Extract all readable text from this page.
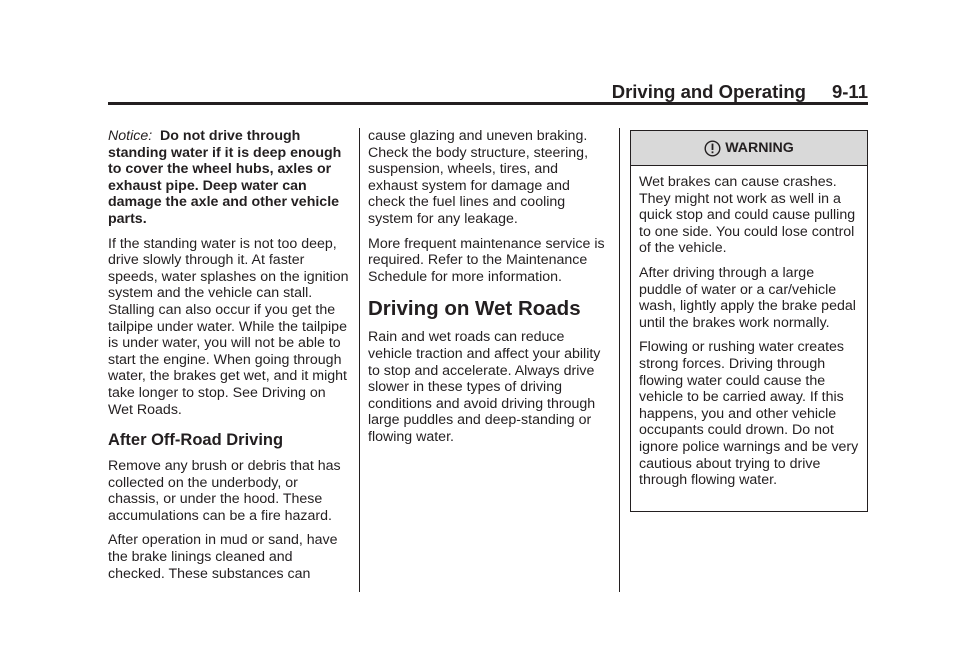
Driving and Operating 9-11

Notice: Do not drive through standing water if it is deep enough to cover the wheel hubs, axles or exhaust pipe. Deep water can damage the axle and other vehicle parts.

If the standing water is not too deep, drive slowly through it. At faster speeds, water splashes on the ignition system and the vehicle can stall. Stalling can also occur if you get the tailpipe under water. While the tailpipe is under water, you will not be able to start the engine. When going through water, the brakes get wet, and it might take longer to stop. See Driving on Wet Roads.

After Off-Road Driving

Remove any brush or debris that has collected on the underbody, or chassis, or under the hood. These accumulations can be a fire hazard.

After operation in mud or sand, have the brake linings cleaned and checked. These substances can

cause glazing and uneven braking. Check the body structure, steering, suspension, wheels, tires, and exhaust system for damage and check the fuel lines and cooling system for any leakage.

More frequent maintenance service is required. Refer to the Maintenance Schedule for more information.

Driving on Wet Roads

Rain and wet roads can reduce vehicle traction and affect your ability to stop and accelerate. Always drive slower in these types of driving conditions and avoid driving through large puddles and deep-standing or flowing water.

WARNING

Wet brakes can cause crashes. They might not work as well in a quick stop and could cause pulling to one side. You could lose control of the vehicle.

After driving through a large puddle of water or a car/vehicle wash, lightly apply the brake pedal until the brakes work normally.

Flowing or rushing water creates strong forces. Driving through flowing water could cause the vehicle to be carried away. If this happens, you and other vehicle occupants could drown. Do not ignore police warnings and be very cautious about trying to drive through flowing water.
